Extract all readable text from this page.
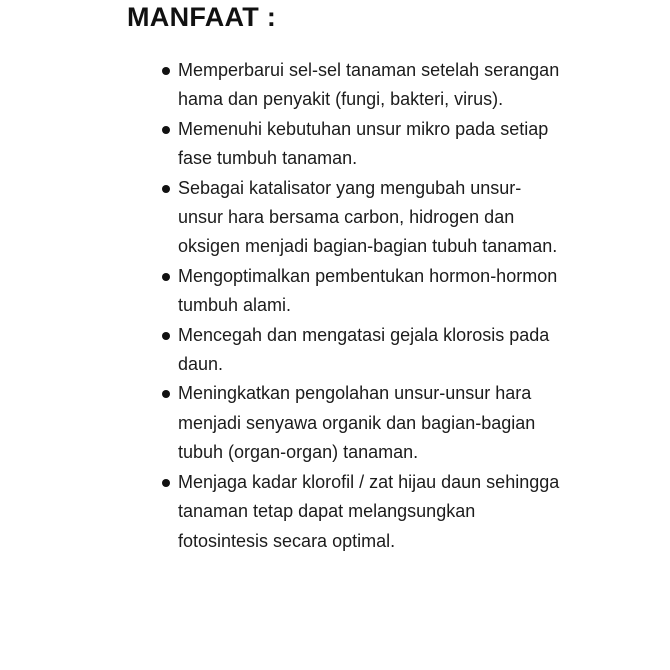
MANFAAT :
Memperbarui sel-sel tanaman setelah serangan hama dan penyakit (fungi, bakteri, virus).
Memenuhi kebutuhan unsur mikro pada setiap fase tumbuh tanaman.
Sebagai katalisator yang mengubah unsur-unsur hara bersama carbon, hidrogen dan oksigen menjadi bagian-bagian tubuh tanaman.
Mengoptimalkan pembentukan hormon-hormon tumbuh alami.
Mencegah dan mengatasi gejala klorosis pada daun.
Meningkatkan pengolahan unsur-unsur hara menjadi senyawa organik dan bagian-bagian tubuh (organ-organ) tanaman.
Menjaga kadar klorofil / zat hijau daun sehingga tanaman tetap dapat melangsungkan fotosintesis secara optimal.
